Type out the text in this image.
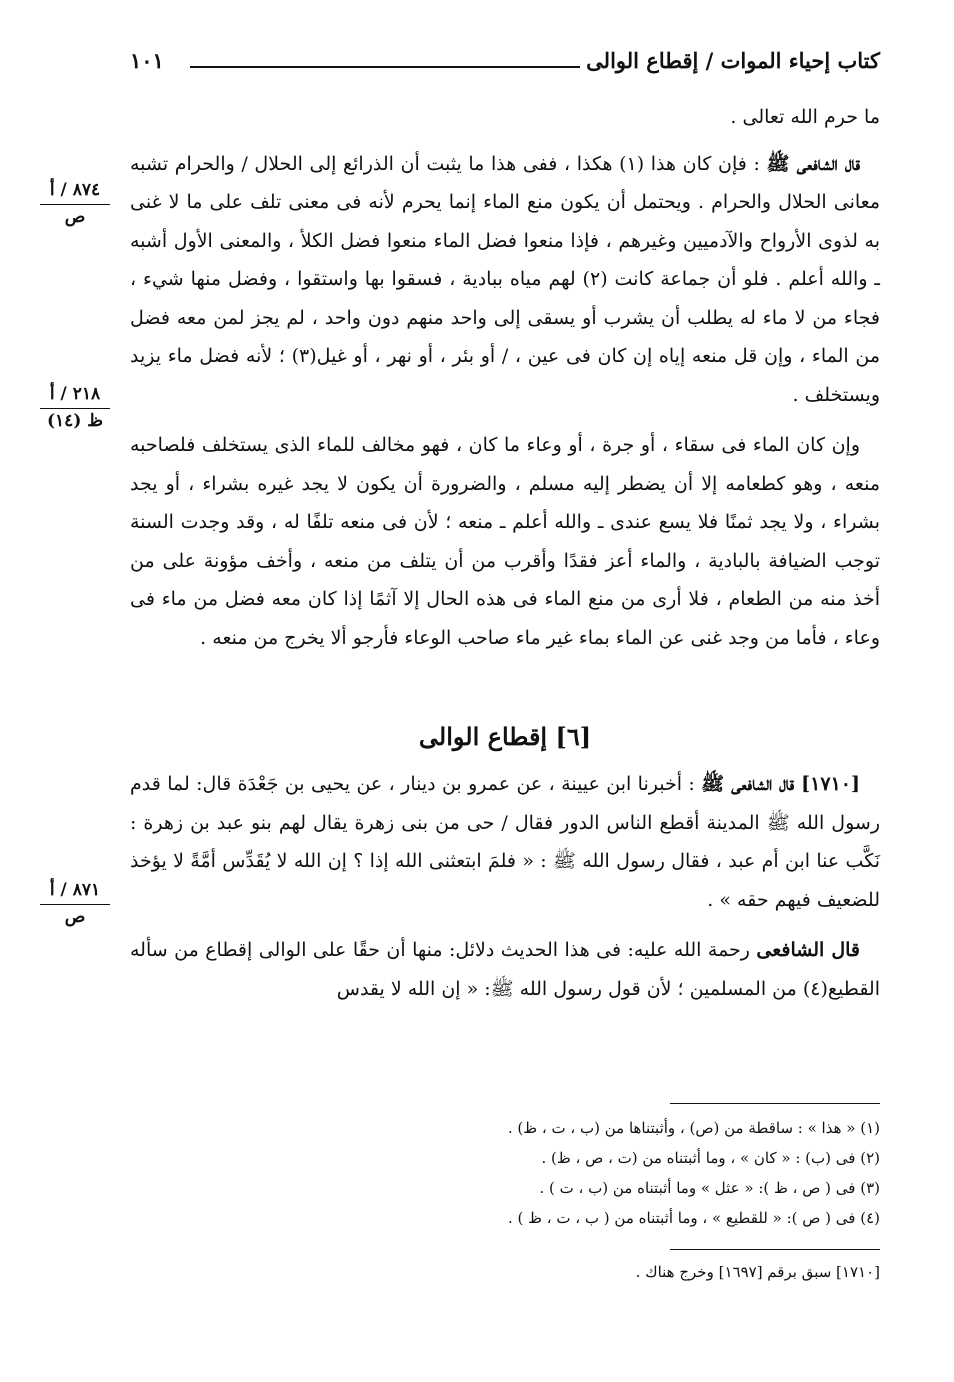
كتاب إحياء الموات / إقطاع الوالى
١٠١
٨٧٤ / أ
ص
٢١٨ / أ
ظ (١٤)
٨٧١ / أ
ص

ما حرم الله تعالى .

قال الشافعى ﷺ : فإن كان هذا (١) هكذا ، ففى هذا ما يثبت أن الذرائع إلى الحلال / والحرام تشبه معانى الحلال والحرام . ويحتمل أن يكون منع الماء إنما يحرم لأنه فى معنى تلف على ما لا غنى به لذوى الأرواح والآدميين وغيرهم ، فإذا منعوا فضل الماء منعوا فضل الكلأ ، والمعنى الأول أشبه ـ والله أعلم . فلو أن جماعة كانت (٢) لهم مياه ببادية ، فسقوا بها واستقوا ، وفضل منها شيء ، فجاء من لا ماء له يطلب أن يشرب أو يسقى إلى واحد منهم دون واحد ، لم يجز لمن معه فضل من الماء ، وإن قل منعه إياه إن كان فى عين ، / أو بئر ، أو نهر ، أو غيل(٣) ؛ لأنه فضل ماء يزيد ويستخلف .

وإن كان الماء فى سقاء ، أو جرة ، أو وعاء ما كان ، فهو مخالف للماء الذى يستخلف فلصاحبه منعه ، وهو كطعامه إلا أن يضطر إليه مسلم ، والضرورة أن يكون لا يجد غيره بشراء ، أو يجد بشراء ، ولا يجد ثمنًا فلا يسع عندى ـ والله أعلم ـ منعه ؛ لأن فى منعه تلفًا له ، وقد وجدت السنة توجب الضيافة بالبادية ، والماء أعز فقدًا وأقرب من أن يتلف من منعه ، وأخف مؤونة على من أخذ منه من الطعام ، فلا أرى من منع الماء فى هذه الحال إلا آثمًا إذا كان معه فضل من ماء فى وعاء ، فأما من وجد غنى عن الماء بماء غير ماء صاحب الوعاء فأرجو ألا يخرج من منعه .

[٦] إقطاع الوالى

[١٧١٠] قال الشافعى ﷺ : أخبرنا ابن عيينة ، عن عمرو بن دينار ، عن يحيى بن جَعْدَة قال: لما قدم رسول الله ﷺ المدينة أقطع الناس الدور فقال / حى من بنى زهرة يقال لهم بنو عبد بن زهرة : نَكَّب عنا ابن أم عبد ، فقال رسول الله ﷺ : « فلمَ ابتعثنى الله إذا ؟ إن الله لا يُقَدِّس أمَّةً لا يؤخذ للضعيف فيهم حقه » .

قال الشافعى رحمة الله عليه: فى هذا الحديث دلائل: منها أن حقًا على الوالى إقطاع من سأله القطيع(٤) من المسلمين ؛ لأن قول رسول الله ﷺ: « إن الله لا يقدس

(١) « هذا » : ساقطة من (ص) ، وأثبتناها من (ب ، ت ، ظ) .
(٢) فى (ب) : « كان » ، وما أثبتناه من (ت ، ص ، ظ) .
(٣) فى ( ص ، ظ ): « عثل » وما أثبتناه من (ب ، ت ) .
(٤) فى ( ص ): « للقطيع » ، وما أثبتناه من ( ب ، ت ، ظ ) .
[١٧١٠] سبق برقم [١٦٩٧] وخرج هناك .
